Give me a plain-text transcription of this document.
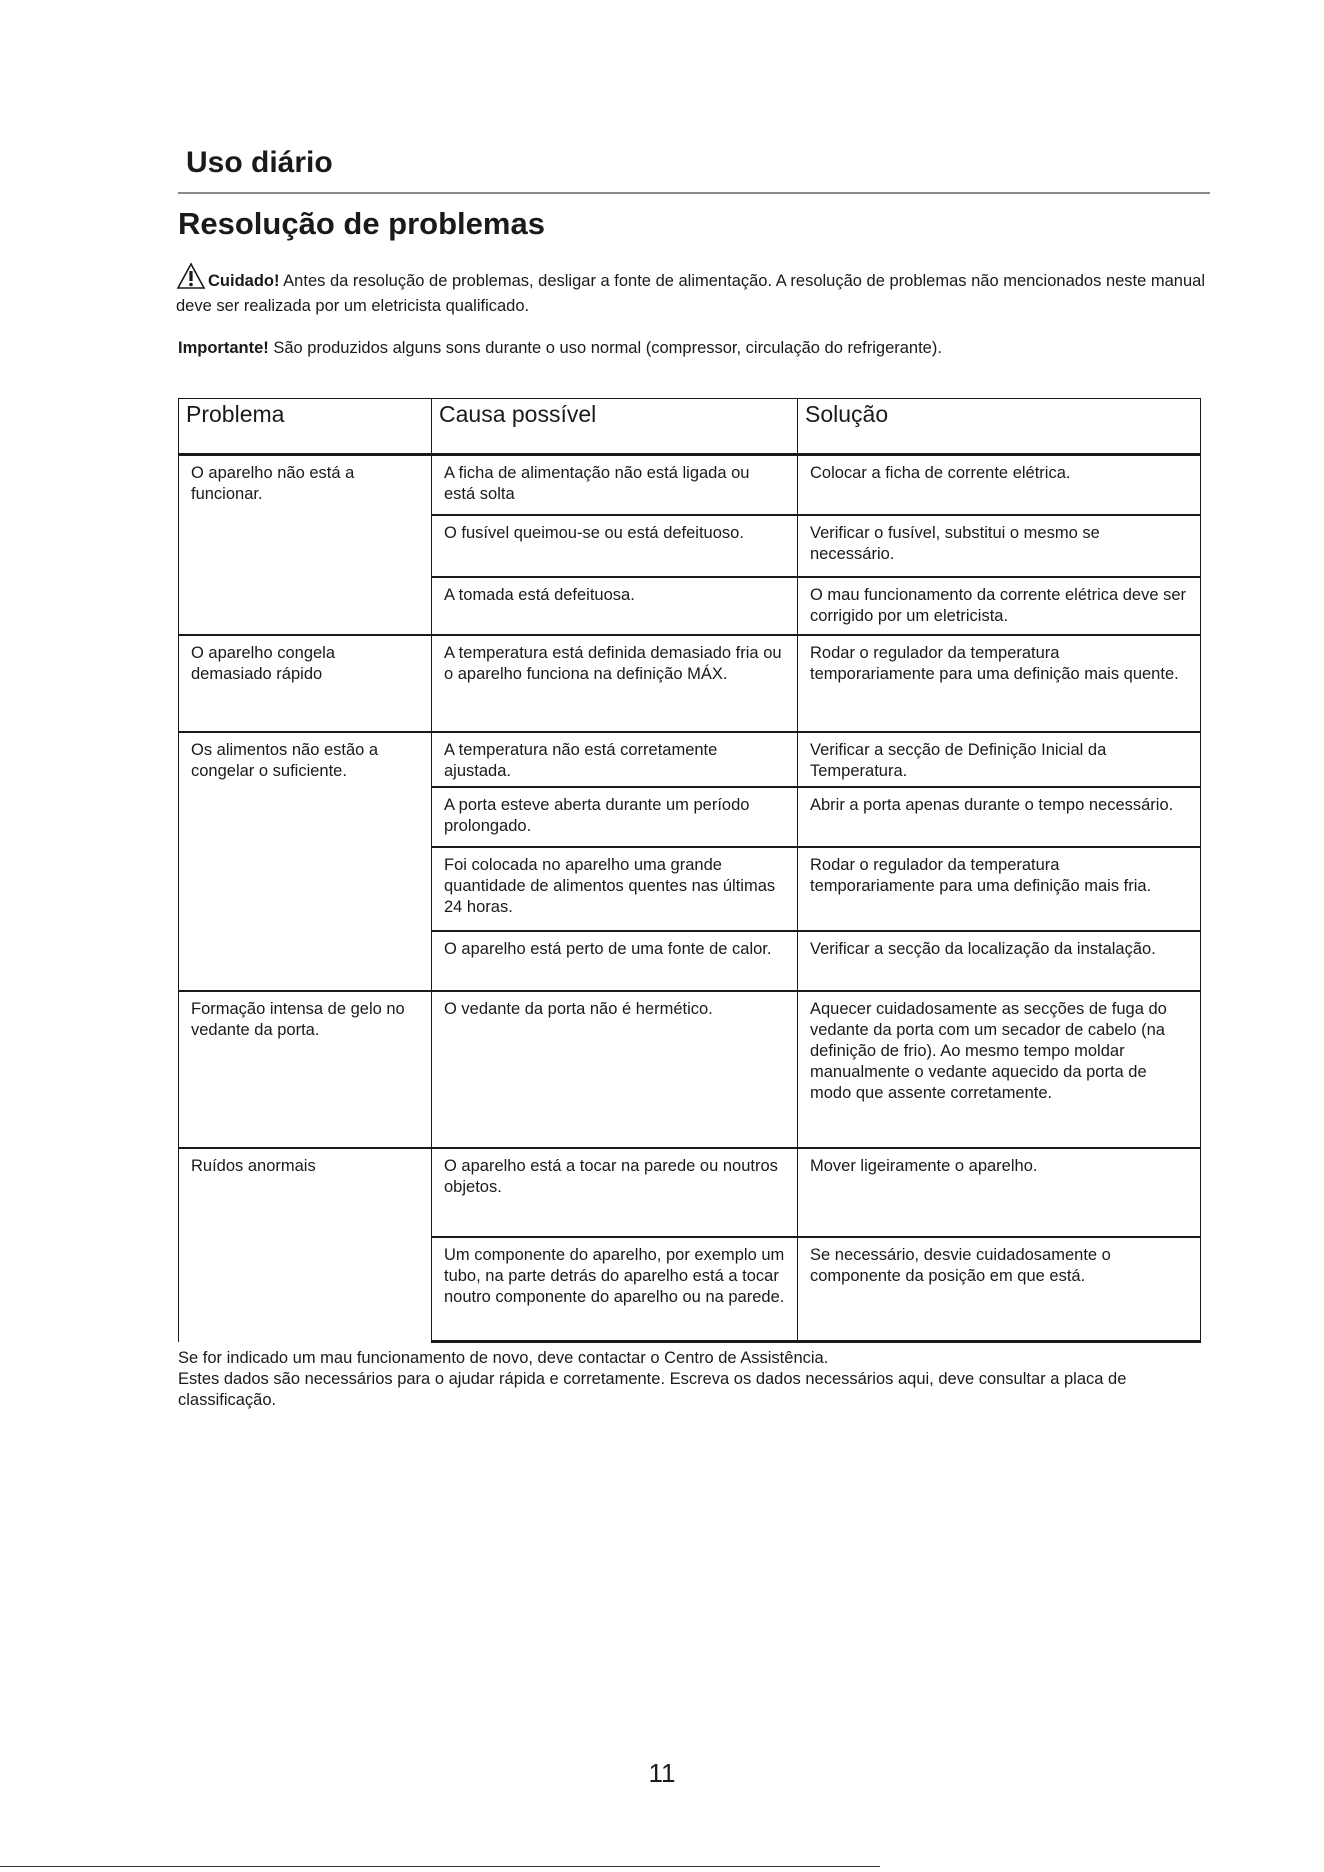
Uso diário
Resolução de problemas
Cuidado! Antes da resolução de problemas, desligar a fonte de alimentação. A resolução de problemas não mencionados neste manual deve ser realizada por um eletricista qualificado.
Importante! São produzidos alguns sons durante o uso normal (compressor, circulação do refrigerante).
Problema	Causa possível	Solução
O aparelho não está a funcionar.	A ficha de alimentação não está ligada ou está solta	Colocar a ficha de corrente elétrica.
	O fusível queimou-se ou está defeituoso.	Verificar o fusível, substitui o mesmo se necessário.
	A tomada está defeituosa.	O mau funcionamento da corrente elétrica deve ser corrigido por um eletricista.
O aparelho congela demasiado rápido	A temperatura está definida demasiado fria ou o aparelho funciona na definição MÁX.	Rodar o regulador da temperatura temporariamente para uma definição mais quente.
Os alimentos não estão a congelar o suficiente.	A temperatura não está corretamente ajustada.	Verificar a secção de Definição Inicial da Temperatura.
	A porta esteve aberta durante um período prolongado.	Abrir a porta apenas durante o tempo necessário.
	Foi colocada no aparelho uma grande quantidade de alimentos quentes nas últimas 24 horas.	Rodar o regulador da temperatura temporariamente para uma definição mais fria.
	O aparelho está perto de uma fonte de calor.	Verificar a secção da localização da instalação.
Formação intensa de gelo no vedante da porta.	O vedante da porta não é hermético.	Aquecer cuidadosamente as secções de fuga do vedante da porta com um secador de cabelo (na definição de frio). Ao mesmo tempo moldar manualmente o vedante aquecido da porta de modo que assente corretamente.
Ruídos anormais	O aparelho está a tocar na parede ou noutros objetos.	Mover ligeiramente o aparelho.
	Um componente do aparelho, por exemplo um tubo, na parte detrás do aparelho está a tocar noutro componente do aparelho ou na parede.	Se necessário, desvie cuidadosamente o componente da posição em que está.
Se for indicado um mau funcionamento de novo, deve contactar o Centro de Assistência.
Estes dados são necessários para o ajudar rápida e corretamente. Escreva os dados necessários aqui, deve consultar a placa de classificação.
11
